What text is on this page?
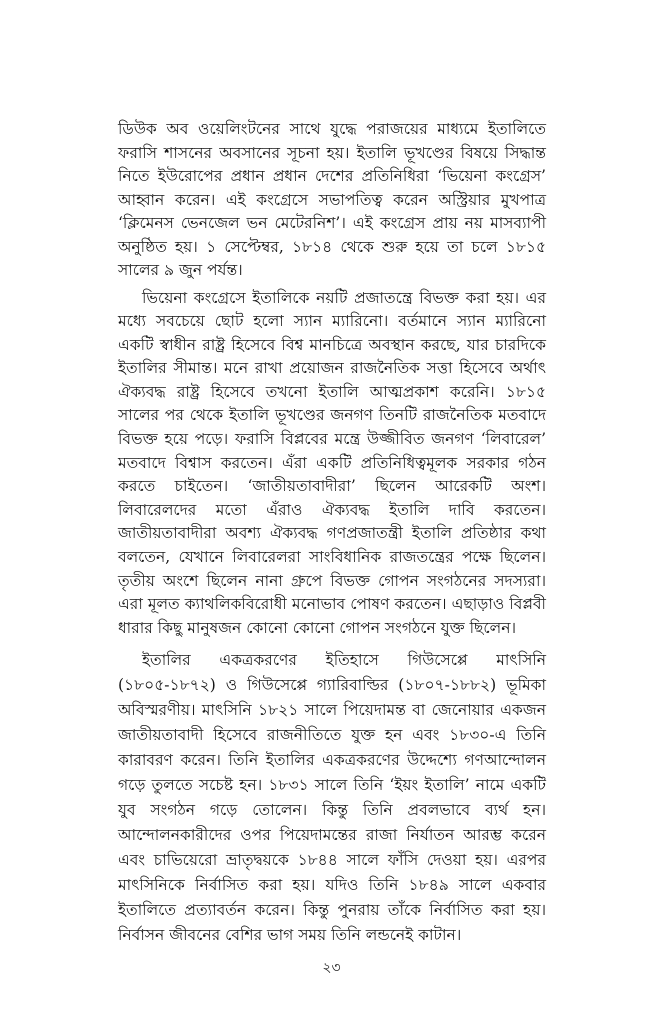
ডিউক অব ওয়েলিংটনের সাথে যুদ্ধে পরাজয়ের মাধ্যমে ইতালিতে ফরাসি শাসনের অবসানের সূচনা হয়। ইতালি ভূখণ্ডের বিষয়ে সিদ্ধান্ত নিতে ইউরোপের প্রধান প্রধান দেশের প্রতিনিধিরা ‘ভিয়েনা কংগ্রেস’ আহ্বান করেন। এই কংগ্রেসে সভাপতিত্ব করেন অস্ট্রিয়ার মুখপাত্র ‘ক্লিমেনস ভেনজেল ভন মেটেরনিশ’। এই কংগ্রেস প্রায় নয় মাসব্যাপী অনুষ্ঠিত হয়। ১ সেপ্টেম্বর, ১৮১৪ থেকে শুরু হয়ে তা চলে ১৮১৫ সালের ৯ জুন পর্যন্ত।

ভিয়েনা কংগ্রেসে ইতালিকে নয়টি প্রজাতন্ত্রে বিভক্ত করা হয়। এর মধ্যে সবচেয়ে ছোট হলো স্যান ম্যারিনো। বর্তমানে স্যান ম্যারিনো একটি স্বাধীন রাষ্ট্র হিসেবে বিশ্ব মানচিত্রে অবস্থান করছে, যার চারদিকে ইতালির সীমান্ত। মনে রাখা প্রয়োজন রাজনৈতিক সত্তা হিসেবে অর্থাৎ ঐক্যবদ্ধ রাষ্ট্র হিসেবে তখনো ইতালি আত্মপ্রকাশ করেনি। ১৮১৫ সালের পর থেকে ইতালি ভূখণ্ডের জনগণ তিনটি রাজনৈতিক মতবাদে বিভক্ত হয়ে পড়ে। ফরাসি বিপ্লবের মন্ত্রে উজ্জীবিত জনগণ ‘লিবারেল’ মতবাদে বিশ্বাস করতেন। এঁরা একটি প্রতিনিধিত্বমূলক সরকার গঠন করতে চাইতেন। ‘জাতীয়তাবাদীরা’ ছিলেন আরেকটি অংশ। লিবারেলদের মতো এঁরাও ঐক্যবদ্ধ ইতালি দাবি করতেন। জাতীয়তাবাদীরা অবশ্য ঐক্যবদ্ধ গণপ্রজাতন্ত্রী ইতালি প্রতিষ্ঠার কথা বলতেন, যেখানে লিবারেলরা সাংবিধানিক রাজতন্ত্রের পক্ষে ছিলেন। তৃতীয় অংশে ছিলেন নানা গ্রুপে বিভক্ত গোপন সংগঠনের সদস্যরা। এরা মূলত ক্যাথলিকবিরোধী মনোভাব পোষণ করতেন। এছাড়াও বিপ্লবী ধারার কিছু মানুষজন কোনো কোনো গোপন সংগঠনে যুক্ত ছিলেন।

ইতালির একত্রকরণের ইতিহাসে গিউসেপ্পে মাৎসিনি (১৮০৫-১৮৭২) ও গিউসেপ্পে গ্যারিবাল্ডির (১৮০৭-১৮৮২) ভূমিকা অবিস্মরণীয়। মাৎসিনি ১৮২১ সালে পিয়েদামন্ত বা জেনোয়ার একজন জাতীয়তাবাদী হিসেবে রাজনীতিতে যুক্ত হন এবং ১৮৩০-এ তিনি কারাবরণ করেন। তিনি ইতালির একত্রকরণের উদ্দেশ্যে গণআন্দোলন গড়ে তুলতে সচেষ্ট হন। ১৮৩১ সালে তিনি ‘ইয়ং ইতালি’ নামে একটি যুব সংগঠন গড়ে তোলেন। কিন্তু তিনি প্রবলভাবে ব্যর্থ হন। আন্দোলনকারীদের ওপর পিয়েদামন্তের রাজা নির্যাতন আরম্ভ করেন এবং চাভিয়েরো ভ্রাতৃদ্বয়কে ১৮৪৪ সালে ফাঁসি দেওয়া হয়। এরপর মাৎসিনিকে নির্বাসিত করা হয়। যদিও তিনি ১৮৪৯ সালে একবার ইতালিতে প্রত্যাবর্তন করেন। কিন্তু পুনরায় তাঁকে নির্বাসিত করা হয়। নির্বাসন জীবনের বেশির ভাগ সময় তিনি লন্ডনেই কাটান।

২৩
